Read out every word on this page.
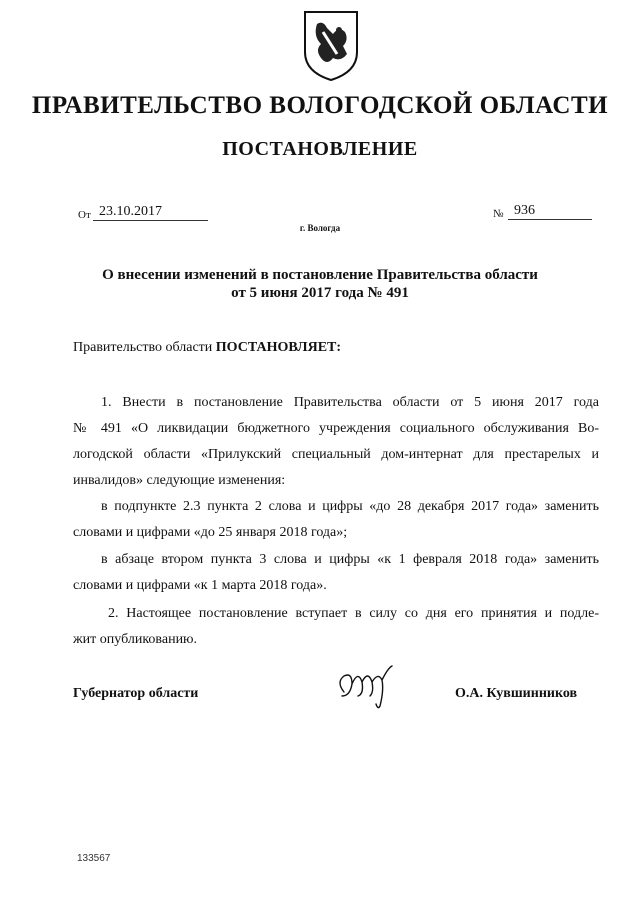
ПРАВИТЕЛЬСТВО ВОЛОГОДСКОЙ ОБЛАСТИ
ПОСТАНОВЛЕНИЕ
От 23.10.2017	№ 936
г. Вологда
О внесении изменений в постановление Правительства области
от 5 июня 2017 года № 491
Правительство области ПОСТАНОВЛЯЕТ:
1. Внести в постановление Правительства области от 5 июня 2017 года
№ 491 «О ликвидации бюджетного учреждения социального обслуживания Во-
логодской области «Прилукский специальный дом-интернат для престарелых и
инвалидов» следующие изменения:
в подпункте 2.3 пункта 2 слова и цифры «до 28 декабря 2017 года» заменить
словами и цифрами «до 25 января 2018 года»;
в абзаце втором пункта 3 слова и цифры «к 1 февраля 2018 года» заменить
словами и цифрами «к 1 марта 2018 года».
2. Настоящее постановление вступает в силу со дня его принятия и подле-
жит опубликованию.
Губернатор области	О.А. Кувшинников
133567
